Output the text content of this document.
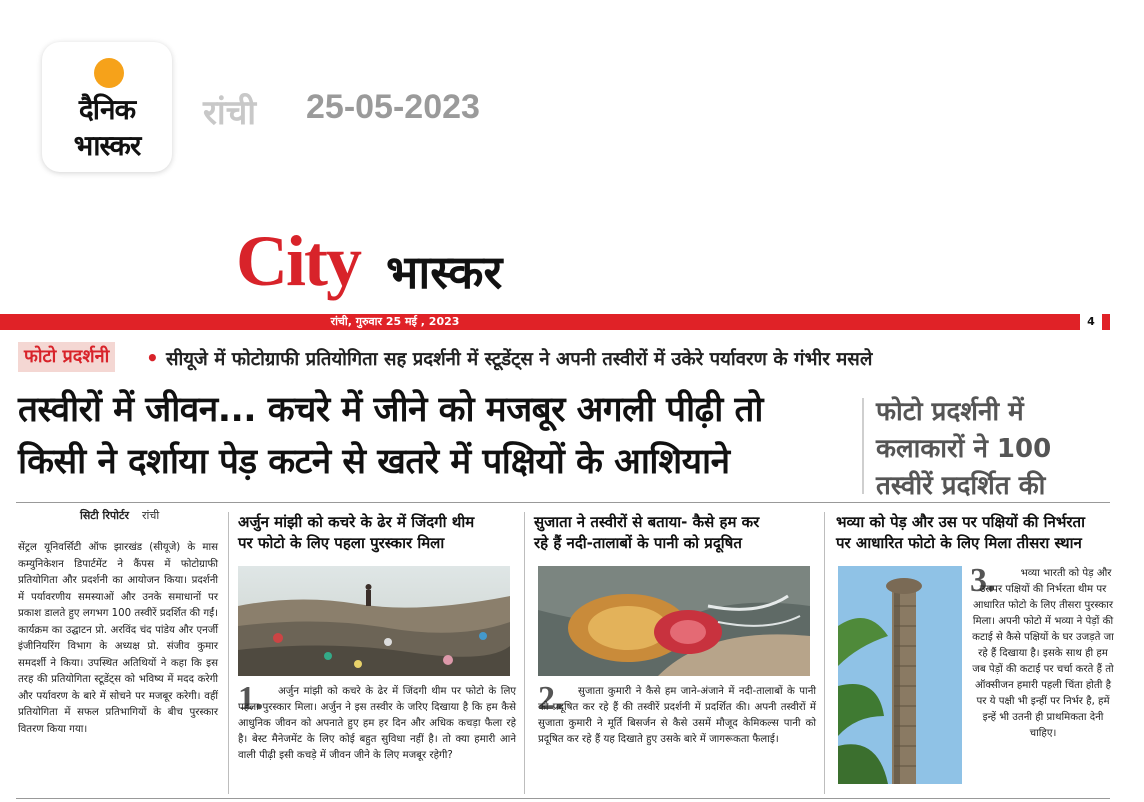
दैनिक
भास्कर
रांची 25-05-2023
City भास्कर
रांची, गुरुवार 25 मई , 2023	4
फोटो प्रदर्शनी	• सीयूजे में फोटोग्राफी प्रतियोगिता सह प्रदर्शनी में स्टूडेंट्स ने अपनी तस्वीरों में उकेरे पर्यावरण के गंभीर मसले
तस्वीरों में जीवन... कचरे में जीने को मजबूर अगली पीढ़ी तो
किसी ने दर्शाया पेड़ कटने से खतरे में पक्षियों के आशियाने
फोटो प्रदर्शनी में
कलाकारों ने 100
तस्वीरें प्रदर्शित की
सिटी रिपोर्टर रांची
सेंट्रल यूनिवर्सिटी ऑफ झारखंड (सीयूजे) के मास कम्युनिकेशन डिपार्टमेंट ने कैंपस में फोटोग्राफी प्रतियोगिता और प्रदर्शनी का आयोजन किया। प्रदर्शनी में पर्यावरणीय समस्याओं और उनके समाधानों पर प्रकाश डालते हुए लगभग 100 तस्वीरें प्रदर्शित की गईं। कार्यक्रम का उद्घाटन प्रो. अरविंद चंद पांडेय और एनर्जी इंजीनियरिंग विभाग के अध्यक्ष प्रो. संजीव कुमार समदर्शी ने किया। उपस्थित अतिथियों ने कहा कि इस तरह की प्रतियोगिता स्टूडेंट्स को भविष्य में मदद करेगी और पर्यावरण के बारे में सोचने पर मजबूर करेगी। वहीं प्रतियोगिता में सफल प्रतिभागियों के बीच पुरस्कार वितरण किया गया।
अर्जुन मांझी को कचरे के ढेर में जिंदगी थीम
पर फोटो के लिए पहला पुरस्कार मिला
1.	अर्जुन मांझी को कचरे के ढेर में जिंदगी थीम पर फोटो के लिए पहला पुरस्कार मिला। अर्जुन ने इस तस्वीर के जरिए दिखाया है कि हम कैसे आधुनिक जीवन को अपनाते हुए हम हर दिन और अधिक कचड़ा फैला रहे है। बेस्ट मैनेजमेंट के लिए कोई बहुत सुविधा नहीं है। तो क्या हमारी आने वाली पीढ़ी इसी कचड़े में जीवन जीने के लिए मजबूर रहेगी?
सुजाता ने तस्वीरों से बताया- कैसे हम कर
रहे हैं नदी-तालाबों के पानी को प्रदूषित
2.	सुजाता कुमारी ने कैसे हम जाने-अंजाने में नदी-तालाबों के पानी को प्रदूषित कर रहे हैं की तस्वीरें प्रदर्शनी में प्रदर्शित की। अपनी तस्वीरों में सुजाता कुमारी ने मूर्ति बिसर्जन से कैसे उसमें मौजूद केमिकल्स पानी को प्रदूषित कर रहे हैं यह दिखाते हुए उसके बारे में जागरूकता फैलाई।
भव्या को पेड़ और उस पर पक्षियों की निर्भरता
पर आधारित फोटो के लिए मिला तीसरा स्थान
3.	भव्या भारती को पेड़ और उसपर पक्षियों की निर्भरता थीम पर आधारित फोटो के लिए तीसरा पुरस्कार मिला। अपनी फोटो में भव्या ने पेड़ों की कटाई से कैसे पक्षियों के घर उजड़ते जा रहे हैं दिखाया है। इसके साथ ही हम जब पेड़ों की कटाई पर चर्चा करते हैं तो ऑक्सीजन हमारी पहली चिंता होती है पर ये पक्षी भी इन्हीं पर निर्भर है, हमें इन्हें भी उतनी ही प्राथमिकता देनी चाहिए।
